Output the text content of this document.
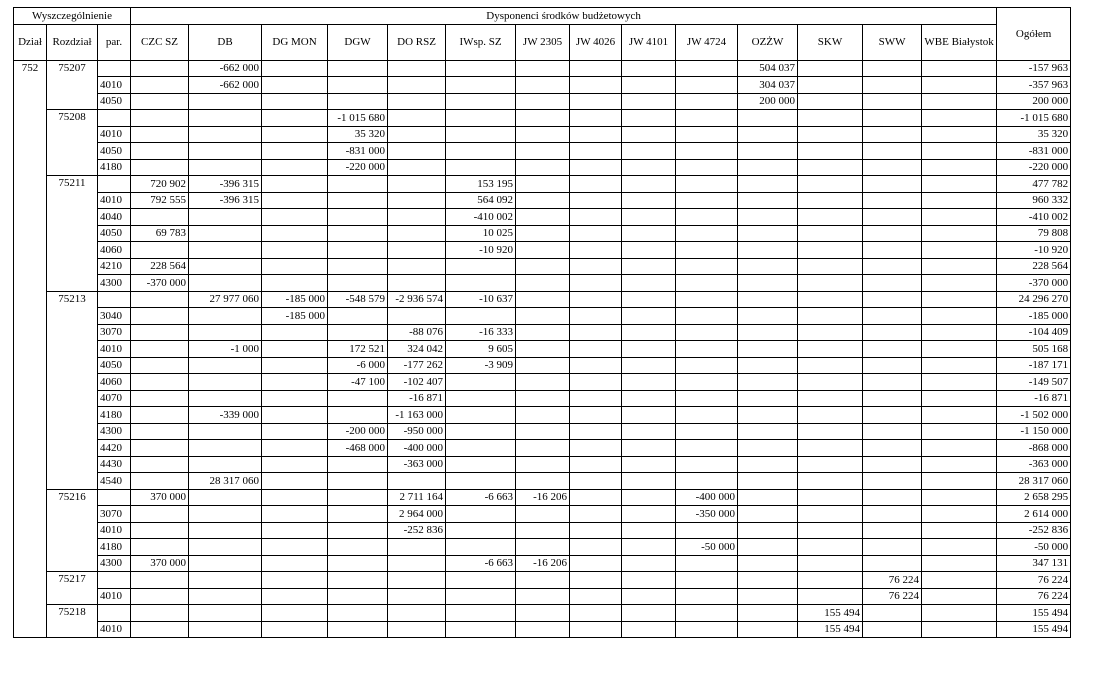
Wyszczególnienie			Dysponenci środków budżetowych														Ogółem
Dział	Rozdział	par.	CZC SZ	DB	DG MON	DGW	DO RSZ	IWsp. SZ	JW 2305	JW 4026	JW 4101	JW 4724	OZŻW	SKW	SWW	WBE Białystok	
752	75207			-662 000									504 037				-157 963
		4010		-662 000									304 037				-357 963
		4050											200 000				200 000
	75208					-1 015 680											-1 015 680
		4010				35 320											35 320
		4050				-831 000											-831 000
		4180				-220 000											-220 000
	75211		720 902	-396 315				153 195									477 782
		4010	792 555	-396 315				564 092									960 332
		4040						-410 002									-410 002
		4050	69 783					10 025									79 808
		4060						-10 920									-10 920
		4210	228 564														228 564
		4300	-370 000														-370 000
	75213			27 977 060	-185 000	-548 579	-2 936 574	-10 637									24 296 270
		3040			-185 000												-185 000
		3070					-88 076	-16 333									-104 409
		4010		-1 000		172 521	324 042	9 605									505 168
		4050				-6 000	-177 262	-3 909									-187 171
		4060				-47 100	-102 407										-149 507
		4070					-16 871										-16 871
		4180		-339 000			-1 163 000										-1 502 000
		4300				-200 000	-950 000										-1 150 000
		4420				-468 000	-400 000										-868 000
		4430					-363 000										-363 000
		4540		28 317 060													28 317 060
	75216		370 000				2 711 164	-6 663	-16 206			-400 000					2 658 295
		3070					2 964 000					-350 000					2 614 000
		4010					-252 836										-252 836
		4180										-50 000					-50 000
		4300	370 000					-6 663	-16 206								347 131
	75217														76 224		76 224
		4010													76 224		76 224
	75218													155 494			155 494
		4010												155 494			155 494
